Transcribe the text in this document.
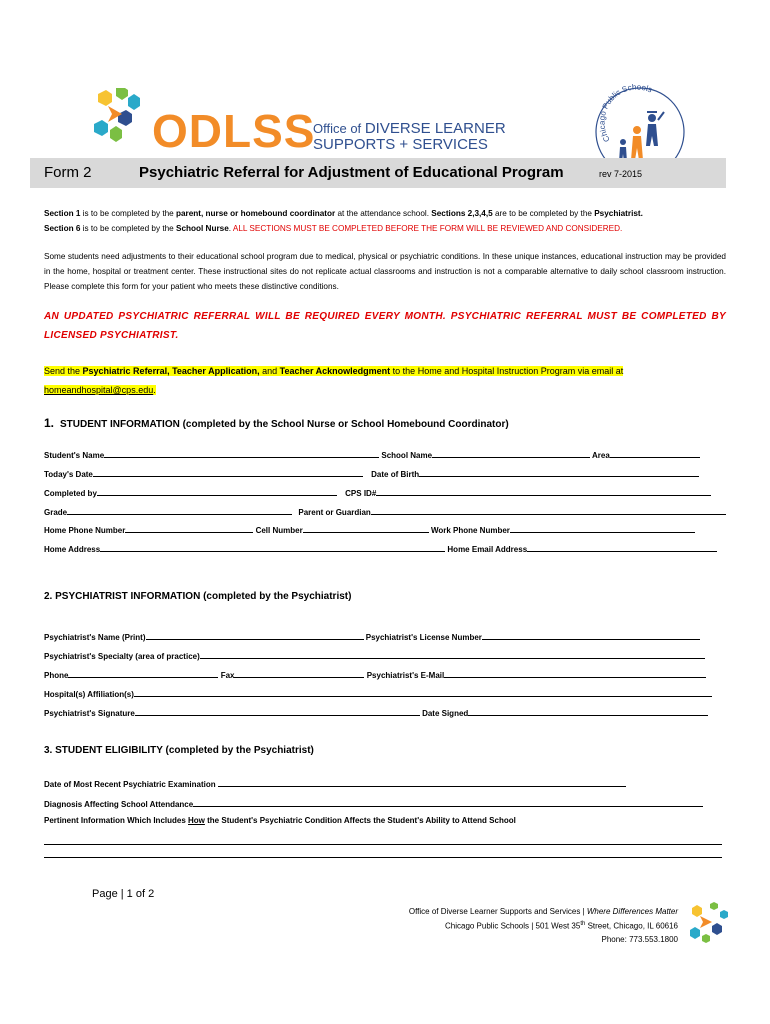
ODLSS
Office of DIVERSE LEARNER
SUPPORTS + SERVICES	Chicago Public Schools
Form 2	Psychiatric Referral for Adjustment of Educational Program	rev 7-2015
Section 1 is to be completed by the parent, nurse or homebound coordinator at the attendance school. Sections 2,3,4,5 are to be completed by the Psychiatrist.
Section 6 is to be completed by the School Nurse. ALL SECTIONS MUST BE COMPLETED BEFORE THE FORM WILL BE REVIEWED AND CONSIDERED.
Some students need adjustments to their educational school program due to medical, physical or psychiatric conditions. In these unique instances, educational instruction may be provided in the home, hospital or treatment center. These instructional sites do not replicate actual classrooms and instruction is not a comparable alternative to daily school classroom instruction. Please complete this form for your patient who meets these distinctive conditions.
AN UPDATED PSYCHIATRIC REFERRAL WILL BE REQUIRED EVERY MONTH. PSYCHIATRIC REFERRAL MUST BE COMPLETED BY LICENSED PSYCHIATRIST.
Send the Psychiatric Referral, Teacher Application, and Teacher Acknowledgment to the Home and Hospital Instruction Program via email at
homeandhospital@cps.edu.
1. STUDENT INFORMATION (completed by the School Nurse or School Homebound Coordinator)
Student's Name	School Name	Area
Today's Date	Date of Birth
Completed by	CPS ID#
Grade	Parent or Guardian
Home Phone Number	Cell Number	Work Phone Number
Home Address	Home Email Address
2. PSYCHIATRIST INFORMATION (completed by the Psychiatrist)
Psychiatrist's Name (Print)	Psychiatrist's License Number
Psychiatrist's Specialty (area of practice)
Phone	Fax	Psychiatrist's E-Mail
Hospital(s) Affiliation(s)
Psychiatrist's Signature	Date Signed
3. STUDENT ELIGIBILITY (completed by the Psychiatrist)
Date of Most Recent Psychiatric Examination
Diagnosis Affecting School Attendance
Pertinent Information Which Includes How the Student's Psychiatric Condition Affects the Student's Ability to Attend School
Page | 1 of 2
Office of Diverse Learner Supports and Services | Where Differences Matter
Chicago Public Schools | 501 West 35th Street, Chicago, IL 60616
Phone: 773.553.1800
